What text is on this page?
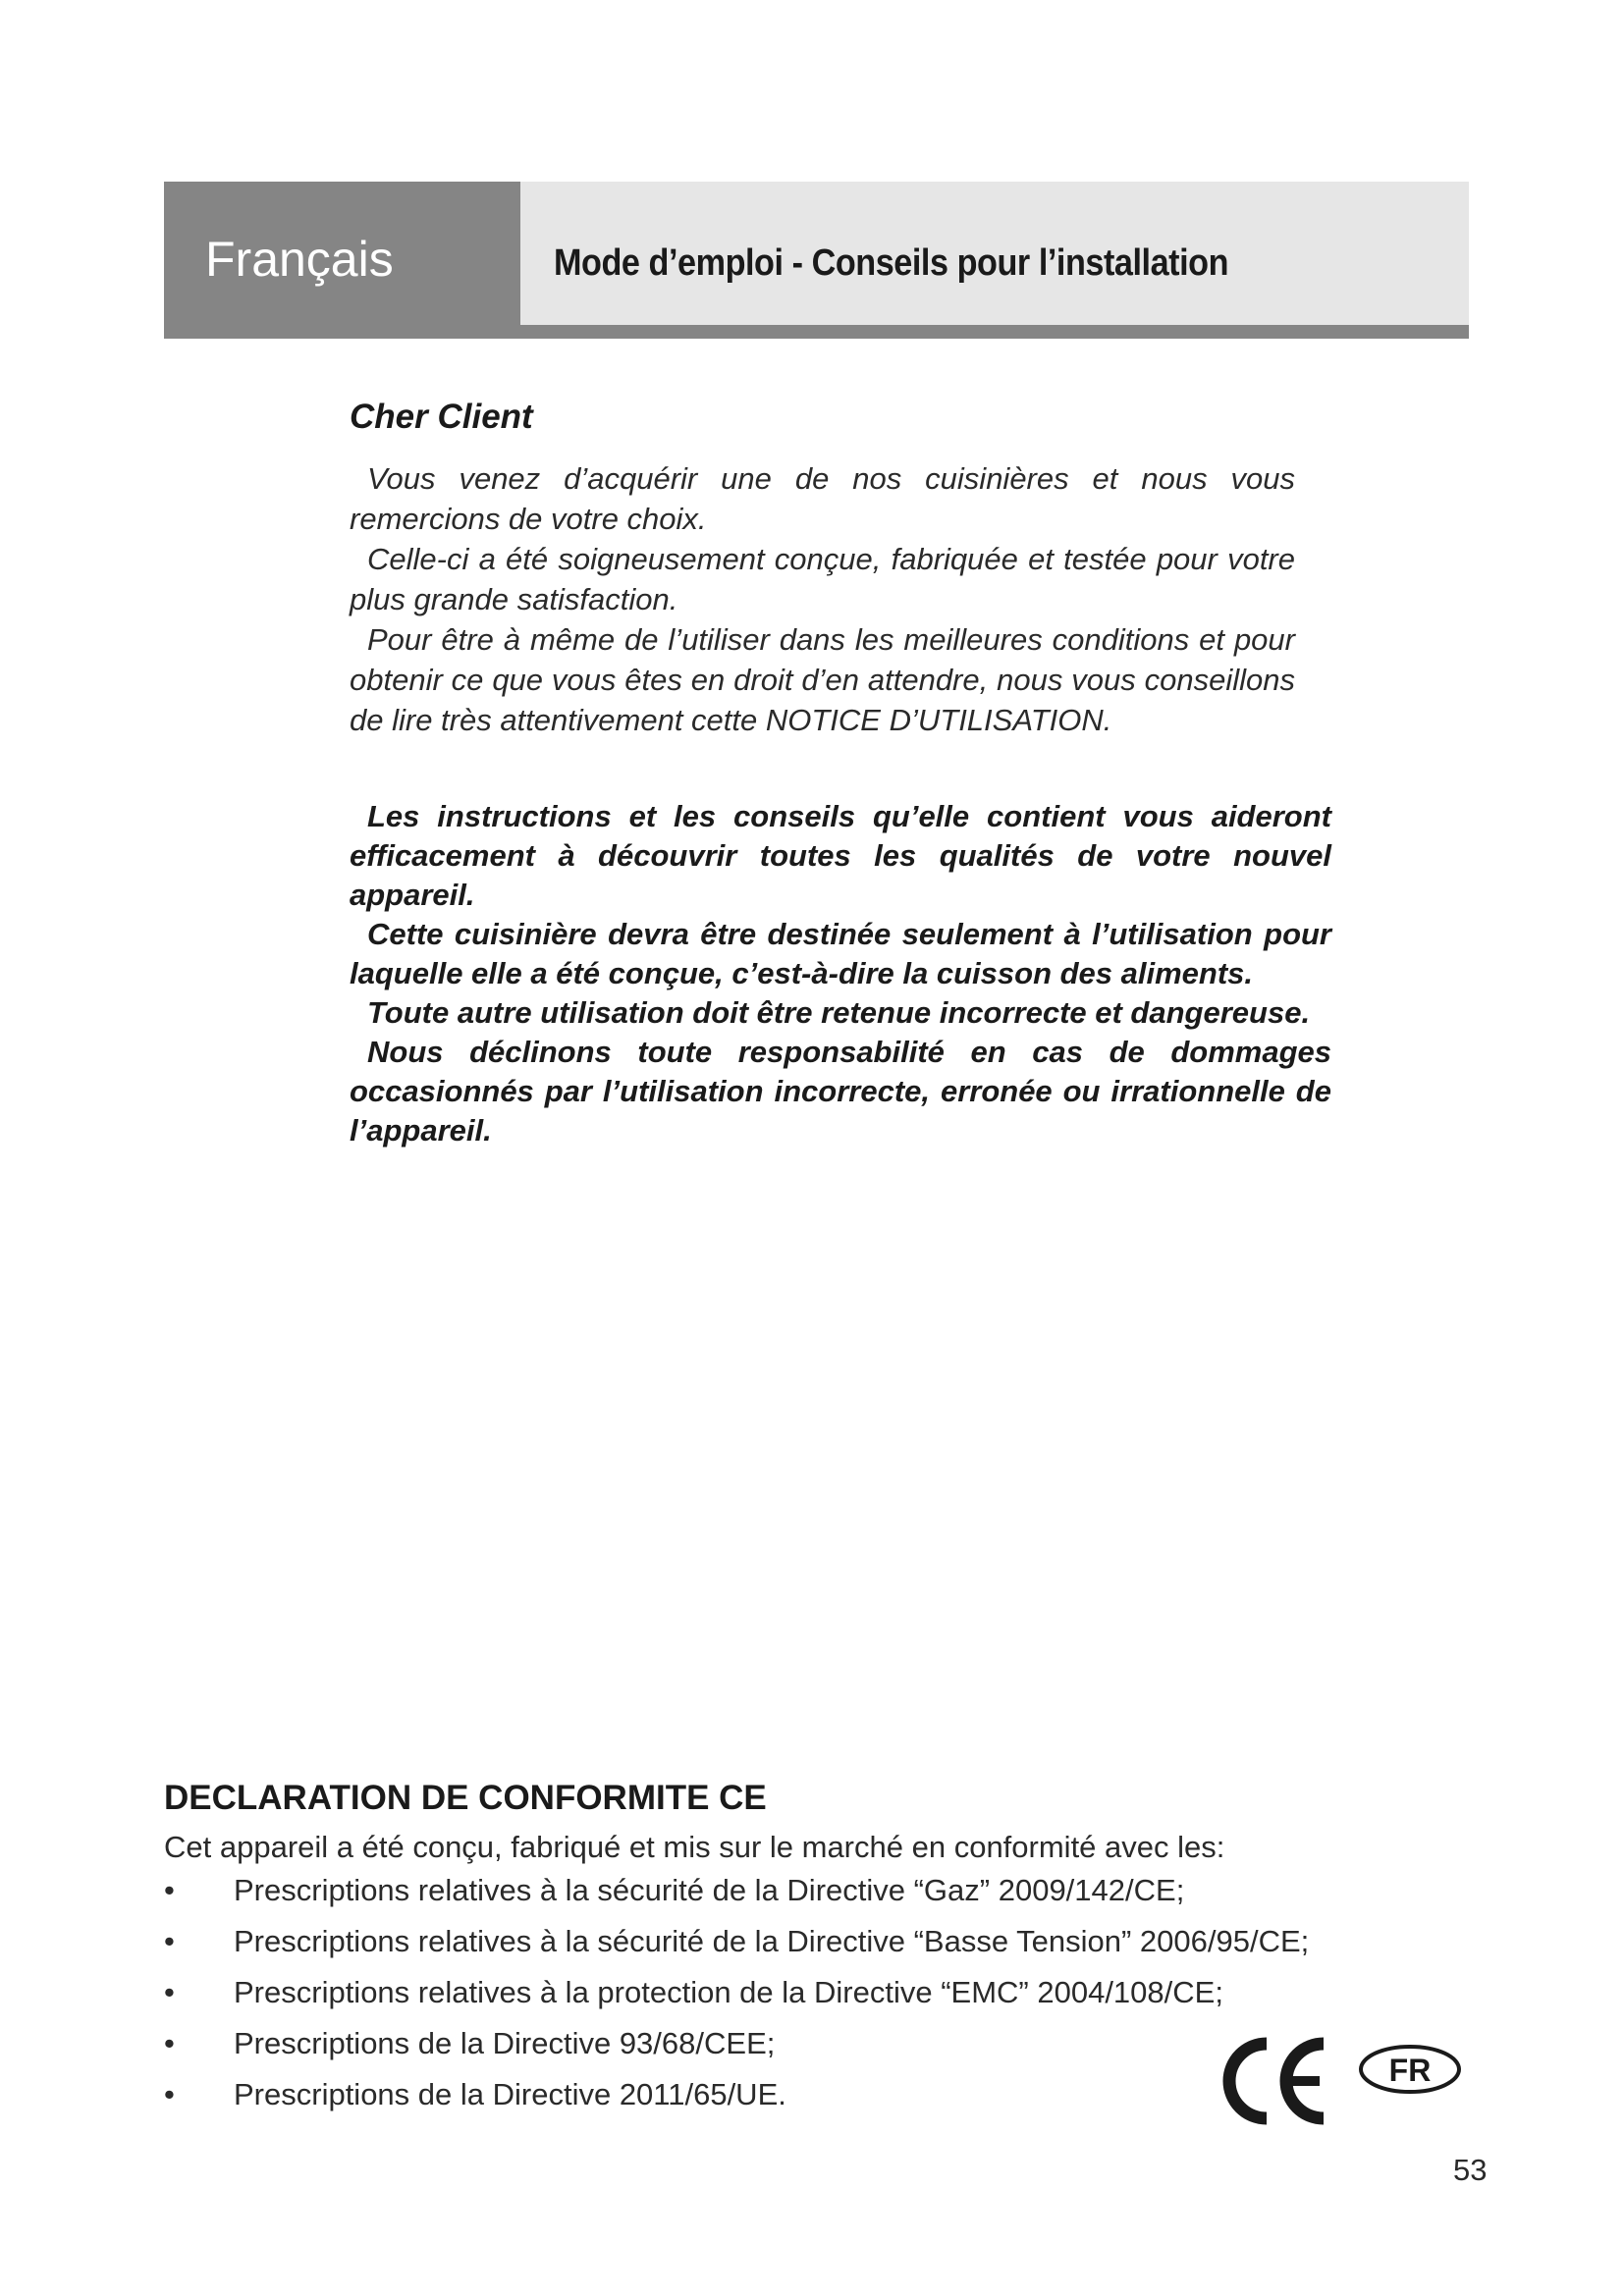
Français	Mode d’emploi - Conseils pour l’installation
Cher Client

Vous venez d’acquérir une de nos cuisinières et nous vous remercions de votre choix.

Celle-ci a été soigneusement conçue, fabriquée et testée pour votre plus grande satisfaction.

Pour être à même de l’utiliser dans les meilleures conditions et pour obtenir ce que vous êtes en droit d’en attendre, nous vous conseillons de lire très attentivement cette NOTICE D’UTILISATION.

Les instructions et les conseils qu’elle contient vous aideront efficacement à découvrir toutes les qualités de votre nouvel appareil.

Cette cuisinière devra être destinée seulement à l’utilisation pour laquelle elle a été conçue, c’est-à-dire la cuisson des aliments.

Toute autre utilisation doit être retenue incorrecte et dangereuse.

Nous déclinons toute responsabilité en cas de dommages occasionnés par l’utilisation incorrecte, erronée ou irrationnelle de l’appareil.

DECLARATION DE CONFORMITE CE
Cet appareil a été conçu, fabriqué et mis sur le marché en conformité avec les:
• Prescriptions relatives à la sécurité de la Directive “Gaz” 2009/142/CE;
• Prescriptions relatives à la sécurité de la Directive “Basse Tension” 2006/95/CE;
• Prescriptions relatives à la protection de la Directive “EMC” 2004/108/CE;
• Prescriptions de la Directive 93/68/CEE;
• Prescriptions de la Directive 2011/65/UE.
FR
53
